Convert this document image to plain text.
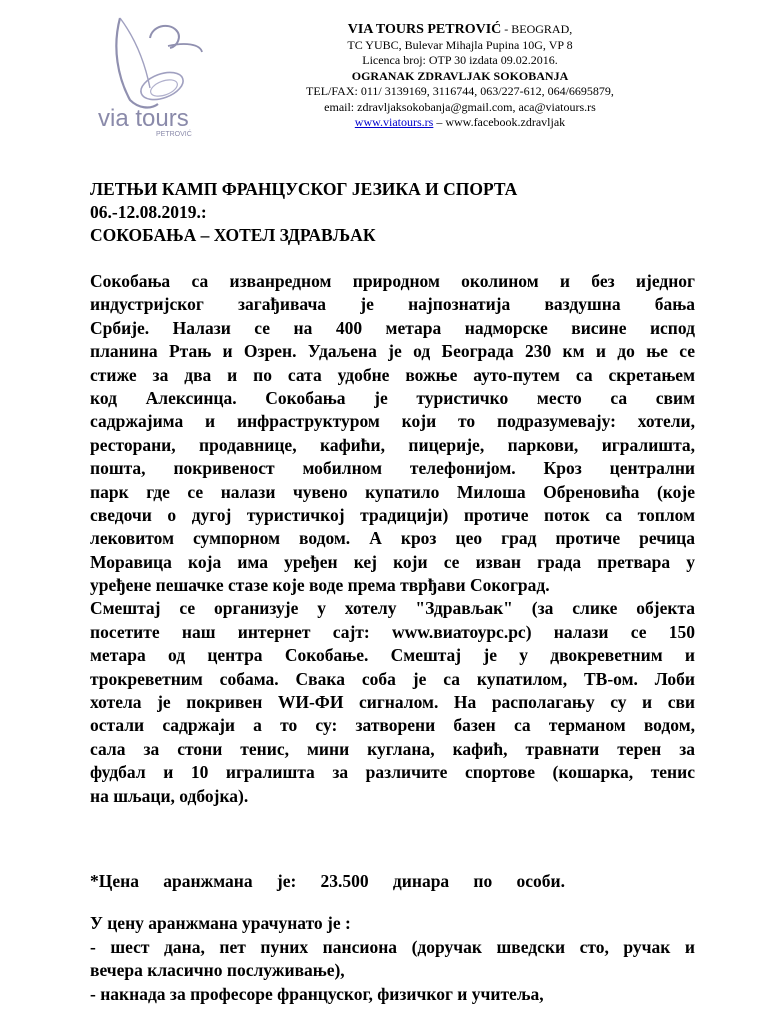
via tours
PETROVIĆ
VIA TOURS PETROVIĆ - BEOGRAD,
TC YUBC, Bulevar Mihajla Pupina 10G, VP 8
Licenca broj: OTP 30 izdata 09.02.2016.
OGRANAK ZDRAVLJAK SOKOBANJA
TEL/FAX: 011/ 3139169, 3116744, 063/227-612, 064/6695879,
email: zdravljaksokobanja@gmail.com, aca@viatours.rs
www.viatours.rs – www.facebook.zdravljak
ЛЕТЊИ КАМП ФРАНЦУСКОГ ЈЕЗИКА И СПОРТА
06.-12.08.2019.:
СОКОБАЊА – ХОТЕЛ ЗДРАВЉАК
Сокобања са изванредном природном околином и без иједног
индустријског загађивача је најпознатија ваздушна бања
Србије. Налази се на 400 метара надморске висине испод
планина Ртањ и Озрен. Удаљена је од Београда 230 км и до ње се
стиже за два и по сата удобне вожње ауто-путем са скретањем
код Алексинца. Сокобања је туристичко место са свим
садржајима и инфраструктуром који то подразумевају: хотели,
ресторани, продавнице, кафићи, пицерије, паркови, игралишта,
пошта, покривеност мобилном телефонијом. Кроз централни
парк где се налази чувено купатило Милоша Обреновића (које
сведочи о дугој туристичкој традицији) протиче поток са топлом
лековитом сумпорном водом. А кроз цео град протиче речица
Моравица која има уређен кеј који се изван града претвара у
уређене пешачке стазе које воде према тврђави Сокоград.
Смештај се организује у хотелу "Здрављак" (за слике објекта
посетите наш интернет сајт: www.виатоурс.рс) налази се 150
метара од центра Сокобање. Смештај је у двокреветним и
трокреветним собама. Свака соба је са купатилом, ТВ-ом. Лоби
хотела је покривен WИ-ФИ сигналом. На располагању су и сви
остали садржаји а то су: затворени базен са терманом водом,
сала за стони тенис, мини куглана, кафић, травнати терен за
фудбал и 10 игралишта за различите спортове (кошарка, тенис
на шљаци, одбојка).
*Цена аранжмана је: 23.500 динара по особи.
У цену аранжмана урачунато је :
- шест дана, пет пуних пансиона (доручак шведски сто, ручак и
вечера класично послуживање),
- накнада за професоре француског, физичког и учитеља,
